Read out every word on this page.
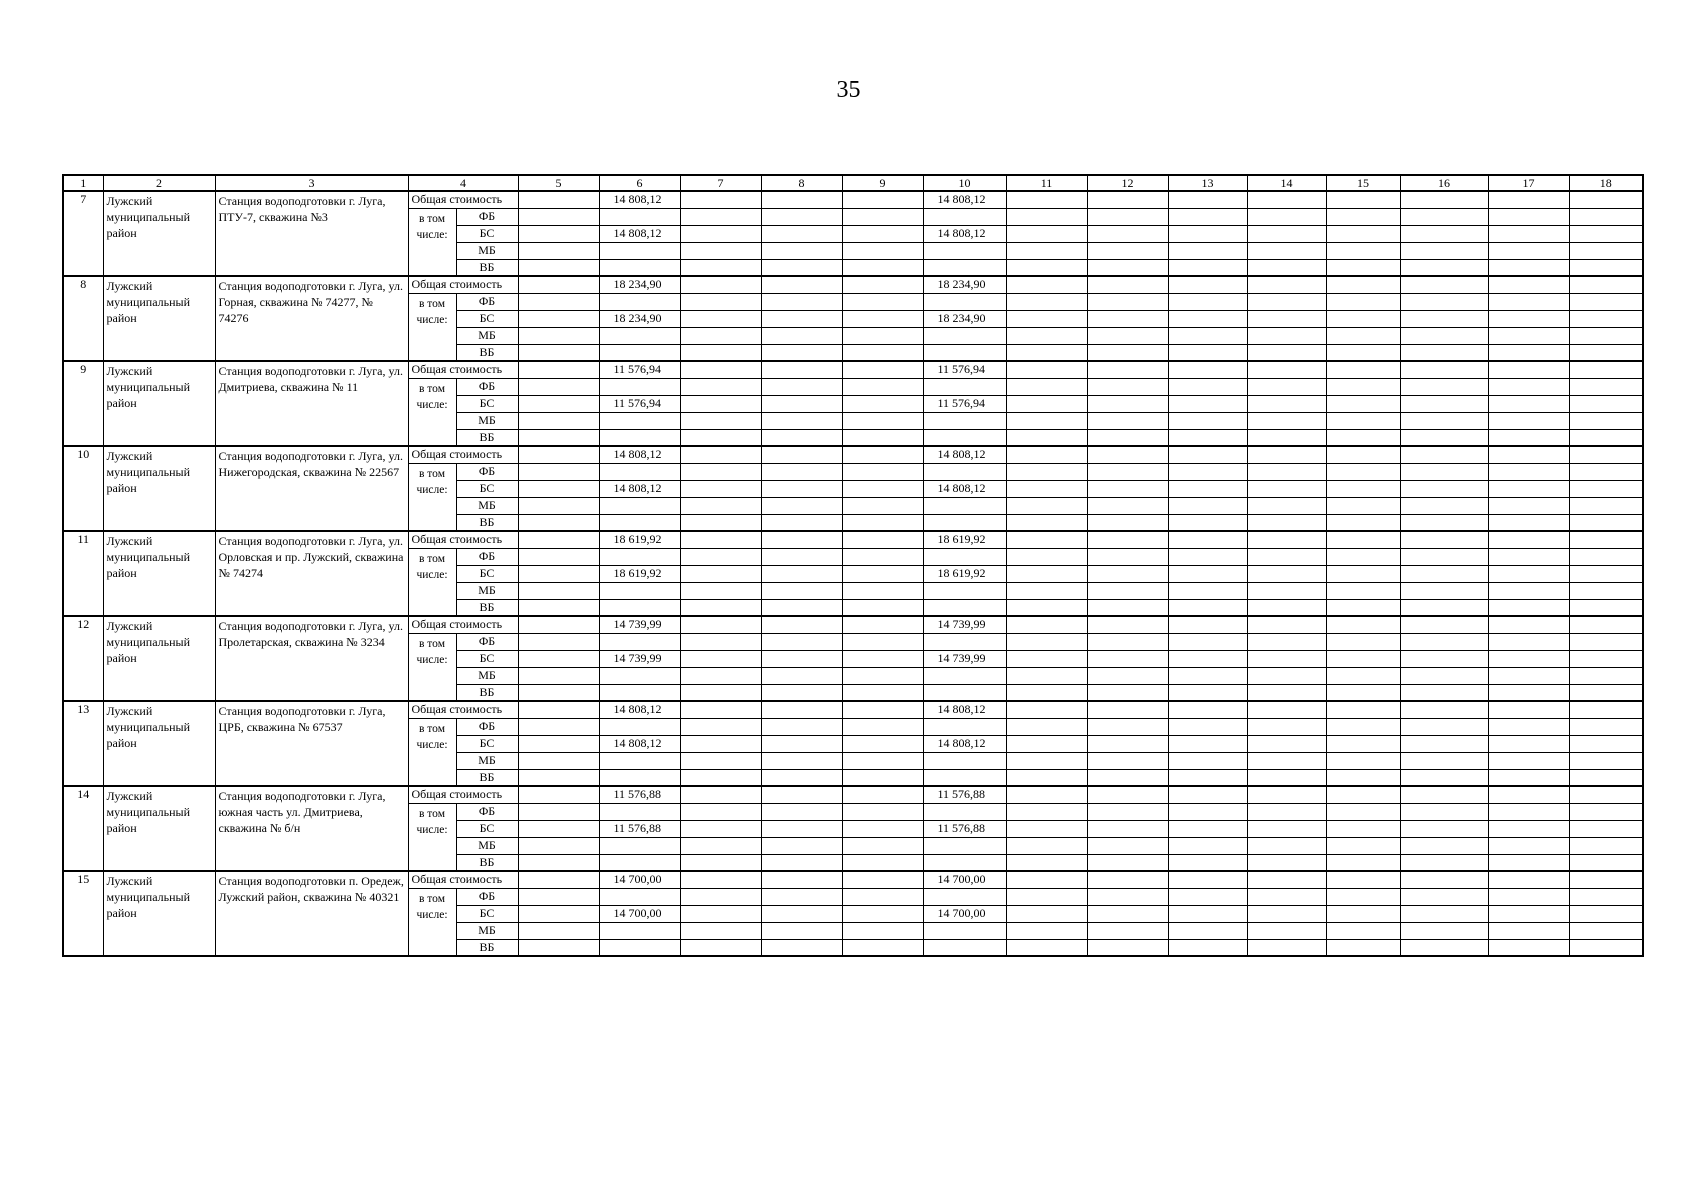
35
1	2	3	4		5	6	7	8	9	10	11	12	13	14	15	16	17	18
7	Лужский муниципальный район	Станция водоподготовки г. Луга, ПТУ-7, скважина №3	Общая стоимость			14 808,12				14 808,12								
			в том числе:	ФБ														
				БС		14 808,12				14 808,12								
				МБ														
				ВБ														
8	Лужский муниципальный район	Станция водоподготовки г. Луга, ул. Горная, скважина № 74277, № 74276	Общая стоимость			18 234,90				18 234,90								
			в том числе:	ФБ														
				БС		18 234,90				18 234,90								
				МБ														
				ВБ														
9	Лужский муниципальный район	Станция водоподготовки г. Луга, ул. Дмитриева, скважина № 11	Общая стоимость			11 576,94				11 576,94								
			в том числе:	ФБ														
				БС		11 576,94				11 576,94								
				МБ														
				ВБ														
10	Лужский муниципальный район	Станция водоподготовки г. Луга, ул. Нижегородская, скважина № 22567	Общая стоимость			14 808,12				14 808,12								
			в том числе:	ФБ														
				БС		14 808,12				14 808,12								
				МБ														
				ВБ														
11	Лужский муниципальный район	Станция водоподготовки г. Луга, ул. Орловская и пр. Лужский, скважина № 74274	Общая стоимость			18 619,92				18 619,92								
			в том числе:	ФБ														
				БС		18 619,92				18 619,92								
				МБ														
				ВБ														
12	Лужский муниципальный район	Станция водоподготовки г. Луга, ул. Пролетарская, скважина № 3234	Общая стоимость			14 739,99				14 739,99								
			в том числе:	ФБ														
				БС		14 739,99				14 739,99								
				МБ														
				ВБ														
13	Лужский муниципальный район	Станция водоподготовки г. Луга, ЦРБ, скважина № 67537	Общая стоимость			14 808,12				14 808,12								
			в том числе:	ФБ														
				БС		14 808,12				14 808,12								
				МБ														
				ВБ														
14	Лужский муниципальный район	Станция водоподготовки г. Луга, южная часть ул. Дмитриева, скважина № б/н	Общая стоимость			11 576,88				11 576,88								
			в том числе:	ФБ														
				БС		11 576,88				11 576,88								
				МБ														
				ВБ														
15	Лужский муниципальный район	Станция водоподготовки п. Оредеж, Лужский район, скважина № 40321	Общая стоимость			14 700,00				14 700,00								
			в том числе:	ФБ														
				БС		14 700,00				14 700,00								
				МБ														
				ВБ														
